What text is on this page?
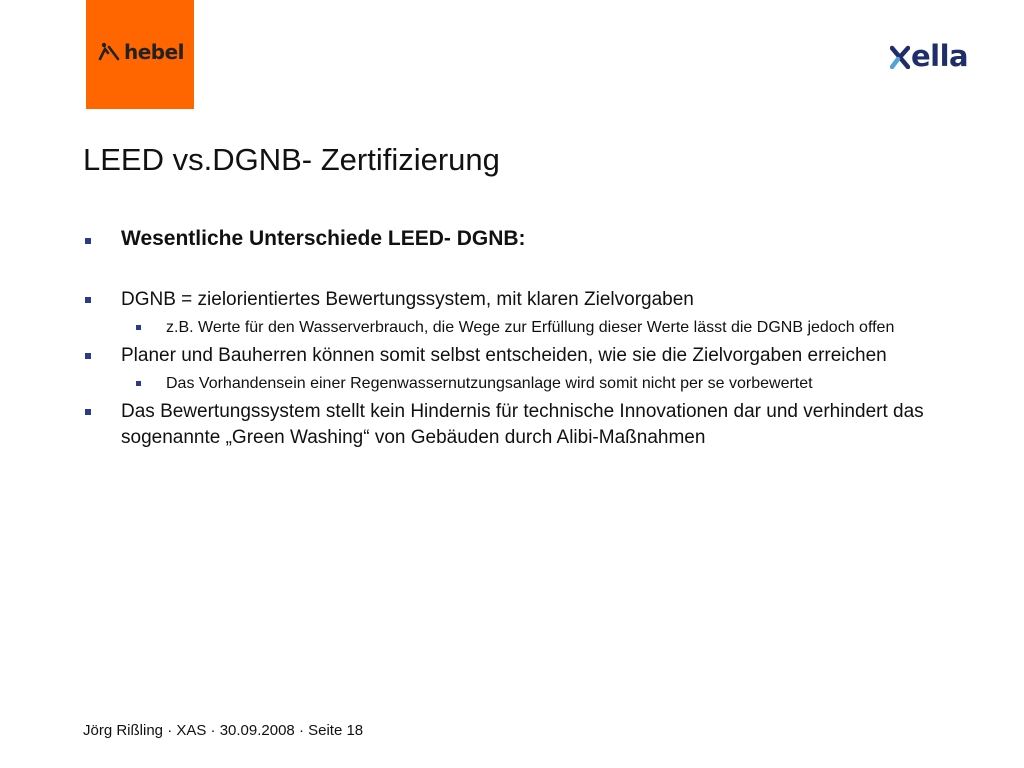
hebel	ella
LEED vs.DGNB- Zertifizierung
Wesentliche Unterschiede LEED- DGNB:
DGNB = zielorientiertes Bewertungssystem, mit klaren Zielvorgaben
z.B. Werte für den Wasserverbrauch, die Wege zur Erfüllung dieser Werte lässt die DGNB jedoch offen
Planer und Bauherren können somit selbst entscheiden, wie sie die Zielvorgaben erreichen
Das Vorhandensein einer Regenwassernutzungsanlage wird somit nicht per se vorbewertet
Das Bewertungssystem stellt kein Hindernis für technische Innovationen dar und verhindert das sogenannte „Green Washing“ von Gebäuden durch Alibi-Maßnahmen
Jörg Rißling · XAS · 30.09.2008 · Seite 18
